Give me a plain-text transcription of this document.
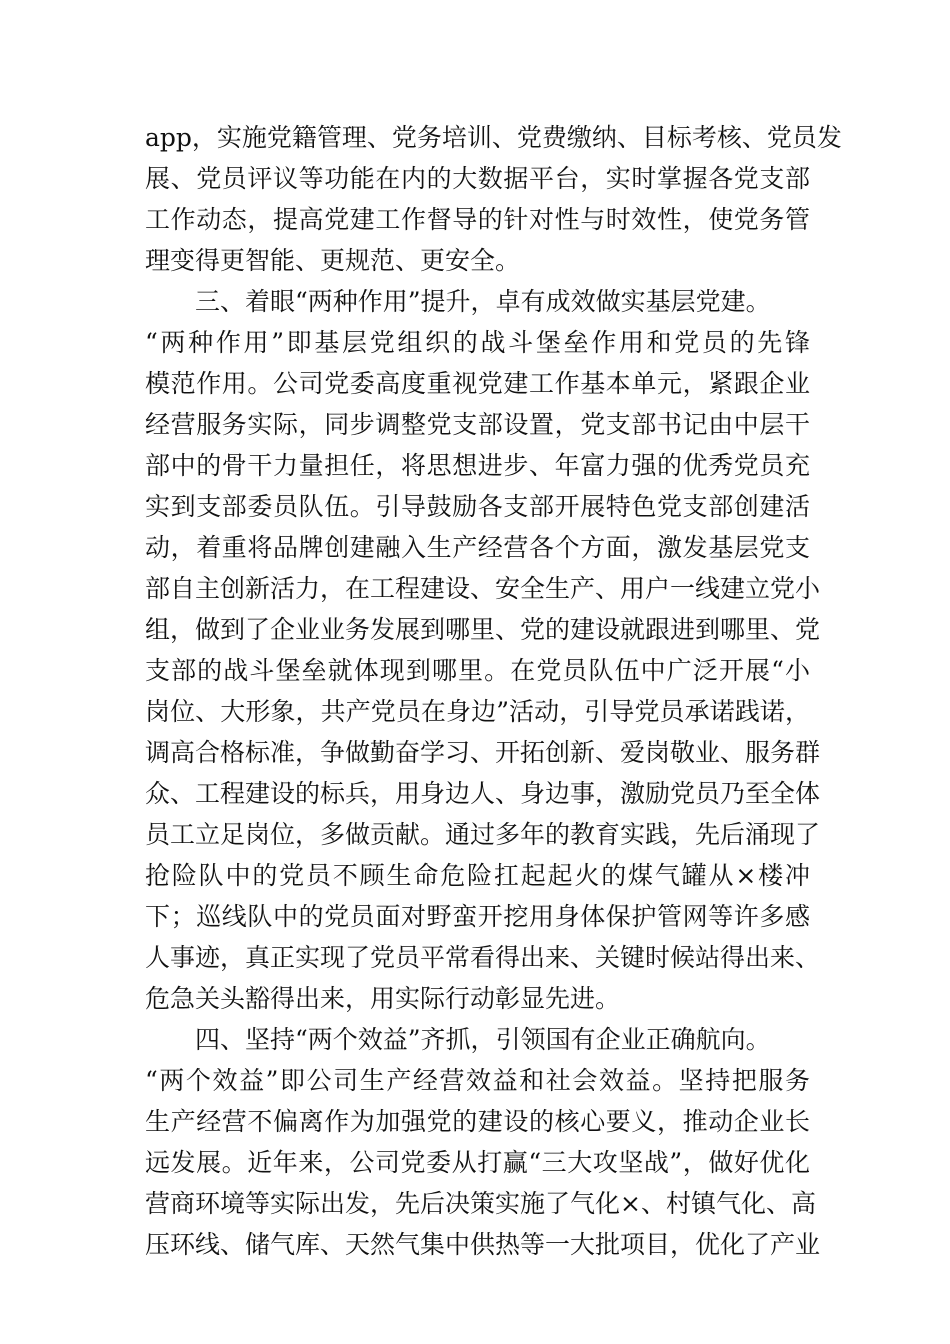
app，实施党籍管理、党务培训、党费缴纳、目标考核、党员发
展、党员评议等功能在内的大数据平台，实时掌握各党支部
工作动态，提高党建工作督导的针对性与时效性，使党务管
理变得更智能、更规范、更安全。
三、着眼“两种作用”提升，卓有成效做实基层党建。
“两种作用”即基层党组织的战斗堡垒作用和党员的先锋
模范作用。公司党委高度重视党建工作基本单元，紧跟企业
经营服务实际，同步调整党支部设置，党支部书记由中层干
部中的骨干力量担任，将思想进步、年富力强的优秀党员充
实到支部委员队伍。引导鼓励各支部开展特色党支部创建活
动，着重将品牌创建融入生产经营各个方面，激发基层党支
部自主创新活力，在工程建设、安全生产、用户一线建立党小
组，做到了企业业务发展到哪里、党的建设就跟进到哪里、党
支部的战斗堡垒就体现到哪里。在党员队伍中广泛开展“小
岗位、大形象，共产党员在身边”活动，引导党员承诺践诺，
调高合格标准，争做勤奋学习、开拓创新、爱岗敬业、服务群
众、工程建设的标兵，用身边人、身边事，激励党员乃至全体
员工立足岗位，多做贡献。通过多年的教育实践，先后涌现了
抢险队中的党员不顾生命危险扛起起火的煤气罐从×楼冲
下；巡线队中的党员面对野蛮开挖用身体保护管网等许多感
人事迹，真正实现了党员平常看得出来、关键时候站得出来、
危急关头豁得出来，用实际行动彰显先进。
四、坚持“两个效益”齐抓，引领国有企业正确航向。
“两个效益”即公司生产经营效益和社会效益。坚持把服务
生产经营不偏离作为加强党的建设的核心要义，推动企业长
远发展。近年来，公司党委从打赢“三大攻坚战”，做好优化
营商环境等实际出发，先后决策实施了气化×、村镇气化、高
压环线、储气库、天然气集中供热等一大批项目，优化了产业
